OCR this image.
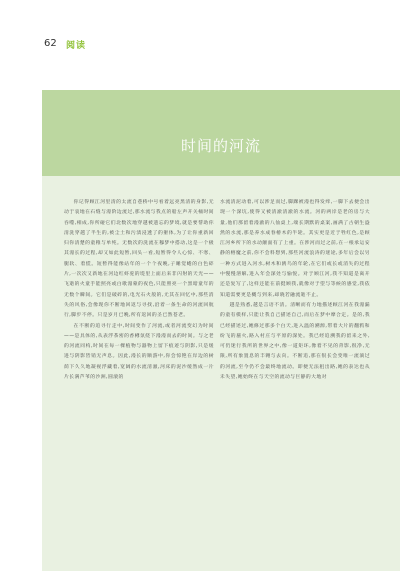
62 阅读
时间的河流

你记得顾江河里清的太流自巷桥中号看着远亮黑清的身影,无动于衷地在石缝与漫阶边流过,那水流与我点的船左声开关桶时间吞噬,相成,你所碰它们北数次地穿越被遗忘的梦境,就是要帮助你清洗穿越了半生的,被尘土和污渍浸透了的躯体,为了让你重新回归你清楚的童稚与单纯。无数次的洗流在穆梦中搭动,这是一个极其漫长的过程,却又如此短暂,回头一看,短暂得令人心惊、不寒、腿软、着慌。短暂得能像站年的一个个夜晚,子睡觉蜷的白色碎片,一次次又新地在河边红虾驼的堤里上面后来非闪射的天光——飞逝的火童手能照亮或白歌漫蒙的夜色,只能照亮一个黑暗童年的无数个瞬间。它们是破碎的,电光石火般的,尤其在回忆中,那些消失的风俗,会像现你不断地回返与寻找,沿着一条生命的河流回航行,脚步不停。只是岁月已晚,所有返回的圣已然苍老。

在不断的追寻行走中,时间变作了河流,或者河流变幻为时间——是具体的,从表浮茶密的香樽氛绕下漫漫而去的时间。与之老的河流同构,时间在每一棵植物与器物上留下痕迹与阴影,只是缓进与阴影皆销无声息。因此,漫长的顺游中,你会惊艳在岸边的树荫下久久地凝视浮藏着,宽阔的水流清澈,河床的泥沙缓然成一片片长满芦苇的沙洲,圆滚的

水流清泥动着,可以涉足而过,脚踝被漫也得发痒,一脚下去便会出现一个深坑,使得又被清澈清澈的水流。河的两岸是老的房与大量,他们那留着漫澈的八仙桌上,端长期默的桌案,画满了古朝生盎然的水流,那是养水成春椿木的半轮。其实更是近于牲红色,是顾江河乡所下的水动颠面有了上重。在涉河而过之前,在一根承运安静的榕魔之前,你不会料想到,那些河流浪涛的迷途,多年后会以另一种方式进入河水,树木和鸥鸟的年轮,在它们或长或消失的过程中慢慢溶解,进入年会深处与愉悦。对于顾江河,我不知道是离开还是复写了,这样还能在前挺顾我,就像对于望与等候的感觉,我依知道需要更是概与到来,却晓若融流逝不止。

越是熟悉,越是言语不清。清晰而有力地描述顾江河在我漫漏的童有模样,只能让我自己描述自己,而后在梦中摩合定。是的,我已经描述过,她修过那多个白天,进入温的溯源,带着大片的翻鸦和纷飞的蜃火,路入村庄与平原的深处。我已经追溯我的留来之外,可仍迷行我所的世界之中,像一道矩环,像着不见的背影,很净,无限,所有象置息的丰翱与去向。不断追,那在很长会变唯一流淌过的河流,至今仍不会最终地流动。即便无法租出路,她的表达也从未失望,她始终在与天空的流动与巨静的大地对
